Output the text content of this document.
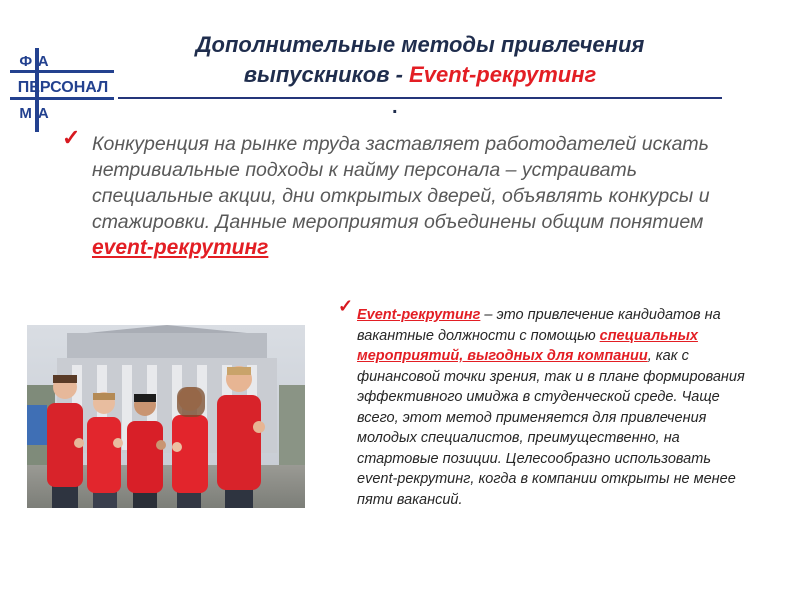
ФА
ПЕРСОНАЛ
МА
Дополнительные методы привлечения
выпускников - Event-рекрутинг
.
✓ Конкуренция на рынке труда заставляет работодателей искать нетривиальные подходы к найму персонала – устраивать специальные акции, дни открытых дверей, объявлять конкурсы и стажировки. Данные мероприятия объединены общим понятием event-рекрутинг
✓ Event-рекрутинг – это привлечение кандидатов на вакантные должности с помощью специальных мероприятий, выгодных для компании, как с финансовой точки зрения, так и в плане формирования эффективного имиджа в студенческой среде. Чаще всего, этот метод применяется для привлечения молодых специалистов, преимущественно, на стартовые позиции. Целесообразно использовать event-рекрутинг, когда в компании открыты не менее пяти вакансий.
